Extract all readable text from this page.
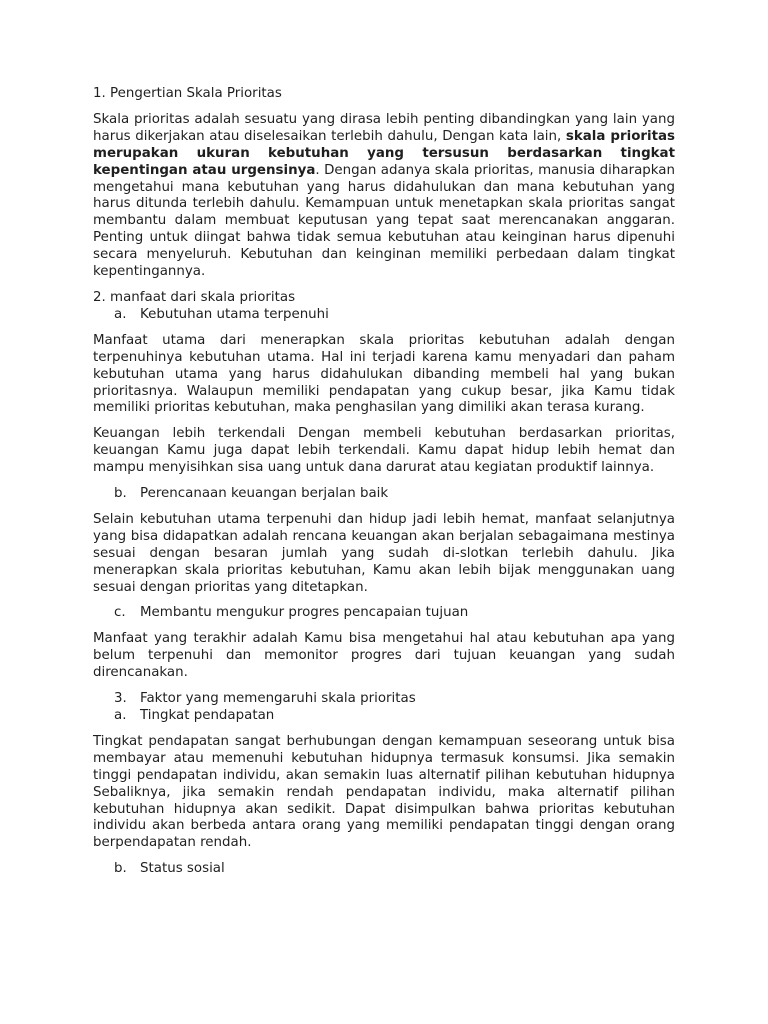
1. Pengertian Skala Prioritas

Skala prioritas adalah sesuatu yang dirasa lebih penting dibandingkan yang lain yang harus dikerjakan atau diselesaikan terlebih dahulu, Dengan kata lain, skala prioritas merupakan ukuran kebutuhan yang tersusun berdasarkan tingkat kepentingan atau urgensinya. Dengan adanya skala prioritas, manusia diharapkan mengetahui mana kebutuhan yang harus didahulukan dan mana kebutuhan yang harus ditunda terlebih dahulu. Kemampuan untuk menetapkan skala prioritas sangat membantu dalam membuat keputusan yang tepat saat merencanakan anggaran. Penting untuk diingat bahwa tidak semua kebutuhan atau keinginan harus dipenuhi secara menyeluruh. Kebutuhan dan keinginan memiliki perbedaan dalam tingkat kepentingannya.

2. manfaat dari skala prioritas
a.	Kebutuhan utama terpenuhi

Manfaat utama dari menerapkan skala prioritas kebutuhan adalah dengan terpenuhinya kebutuhan utama. Hal ini terjadi karena kamu menyadari dan paham kebutuhan utama yang harus didahulukan dibanding membeli hal yang bukan prioritasnya. Walaupun memiliki pendapatan yang cukup besar, jika Kamu tidak memiliki prioritas kebutuhan, maka penghasilan yang dimiliki akan terasa kurang.

Keuangan lebih terkendali Dengan membeli kebutuhan berdasarkan prioritas, keuangan Kamu juga dapat lebih terkendali. Kamu dapat hidup lebih hemat dan mampu menyisihkan sisa uang untuk dana darurat atau kegiatan produktif lainnya.

b. Perencanaan keuangan berjalan baik

Selain kebutuhan utama terpenuhi dan hidup jadi lebih hemat, manfaat selanjutnya yang bisa didapatkan adalah rencana keuangan akan berjalan sebagaimana mestinya sesuai dengan besaran jumlah yang sudah di-slotkan terlebih dahulu. Jika menerapkan skala prioritas kebutuhan, Kamu akan lebih bijak menggunakan uang sesuai dengan prioritas yang ditetapkan.

c.	Membantu mengukur progres pencapaian tujuan

Manfaat yang terakhir adalah Kamu bisa mengetahui hal atau kebutuhan apa yang belum terpenuhi dan memonitor progres dari tujuan keuangan yang sudah direncanakan.

3. Faktor yang memengaruhi skala prioritas
a.	Tingkat pendapatan

Tingkat pendapatan sangat berhubungan dengan kemampuan seseorang untuk bisa membayar atau memenuhi kebutuhan hidupnya termasuk konsumsi. Jika semakin tinggi pendapatan individu, akan semakin luas alternatif pilihan kebutuhan hidupnya Sebaliknya, jika semakin rendah pendapatan individu, maka alternatif pilihan kebutuhan hidupnya akan sedikit. Dapat disimpulkan bahwa prioritas kebutuhan individu akan berbeda antara orang yang memiliki pendapatan tinggi dengan orang berpendapatan rendah.

b. Status sosial
